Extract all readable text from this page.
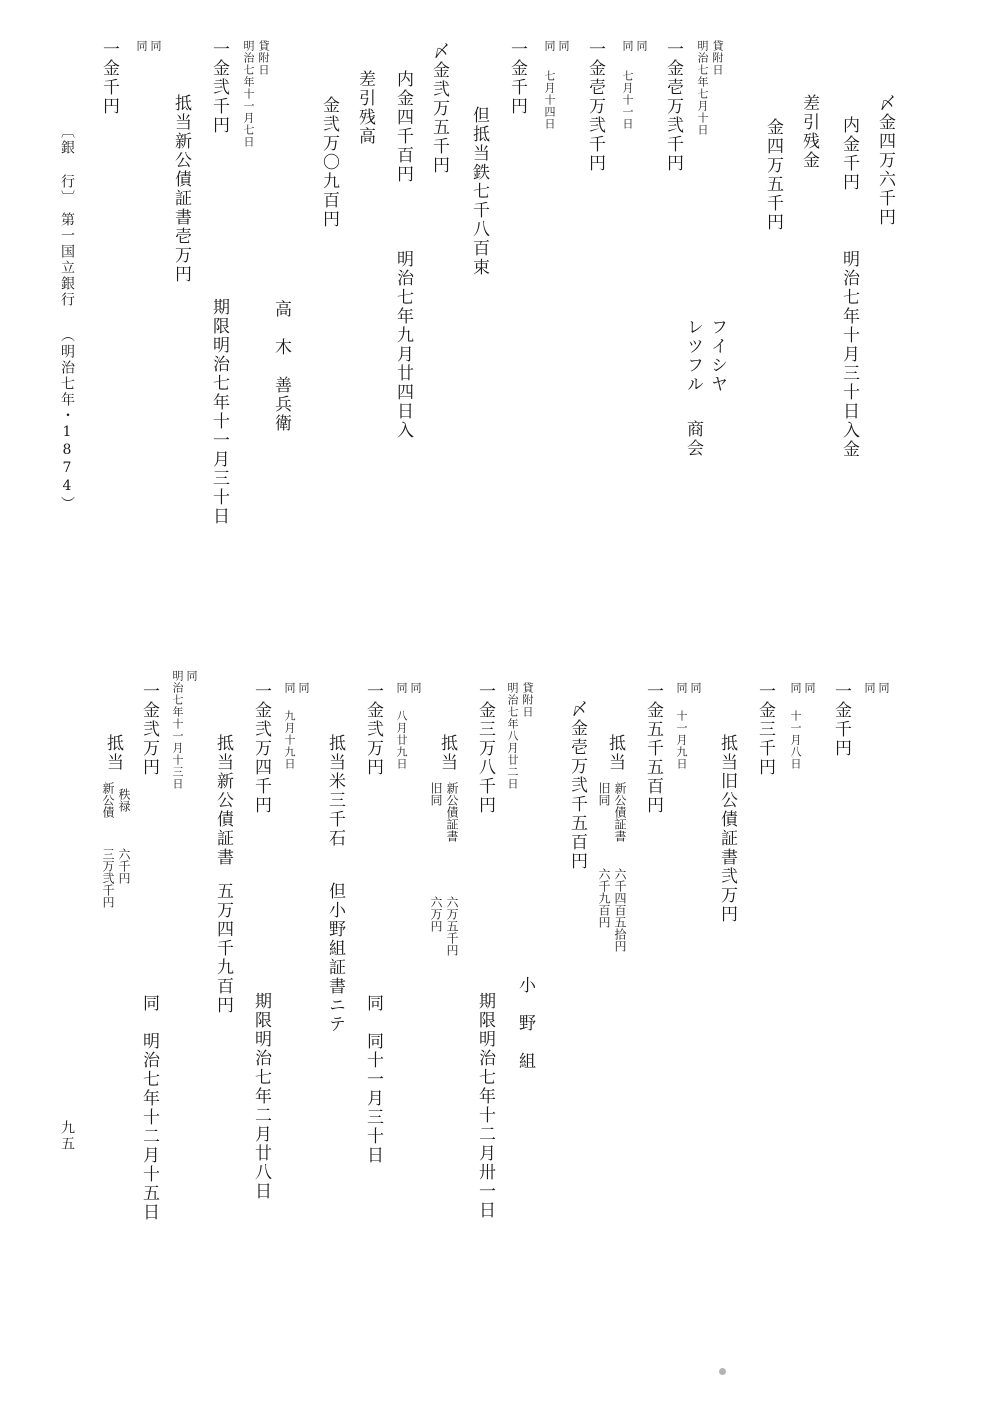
〆金四万六千円
内金千円
明治七年十月三十日入金
差引残金
金四万五千円
フイシヤ
レツフル
商会
貸附日
明治七年七月十日
一金壱万弐千円
同
同
七月十一日
一金壱万弐千円
同
同
七月十四日
一金千円
但抵当鉄七千八百束
〆金弐万五千円
内金四千百円
明治七年九月廿四日入
差引残高
金弐万〇九百円
高　木　善兵衛
貸附日
明治七年十一月七日
一金弐千円
期限明治七年十一月三十日
抵当新公債証書壱万円
同
同
一金千円
〔銀 行〕
第一国立銀行
（明治七年・1874）
同
同
一金千円
同
同
十一月八日
一金三千円
抵当旧公債証書弐万円
同
同
十一月九日
一金五千五百円
抵当
新公債証書
旧同
六千四百五拾円
六千九百円
〆金壱万弐千五百円
小　野　組
貸附日
明治七年八月廿二日
一金三万八千円
期限明治七年十二月卅一日
抵当
新公債証書
旧同
六万五千円
六万円
同
同
八月廿九日
一金弐万円
同　同十一月三十日
抵当米三千石
但小野組証書ニテ
同
同
九月十九日
一金弐万四千円
期限明治七年二月廿八日
抵当新公債証書
五万四千九百円
同
明治七年十一月十三日
一金弐万円
同　明治七年十二月十五日
抵当
秩禄
新公債
六千円
三万弐千円
九五
